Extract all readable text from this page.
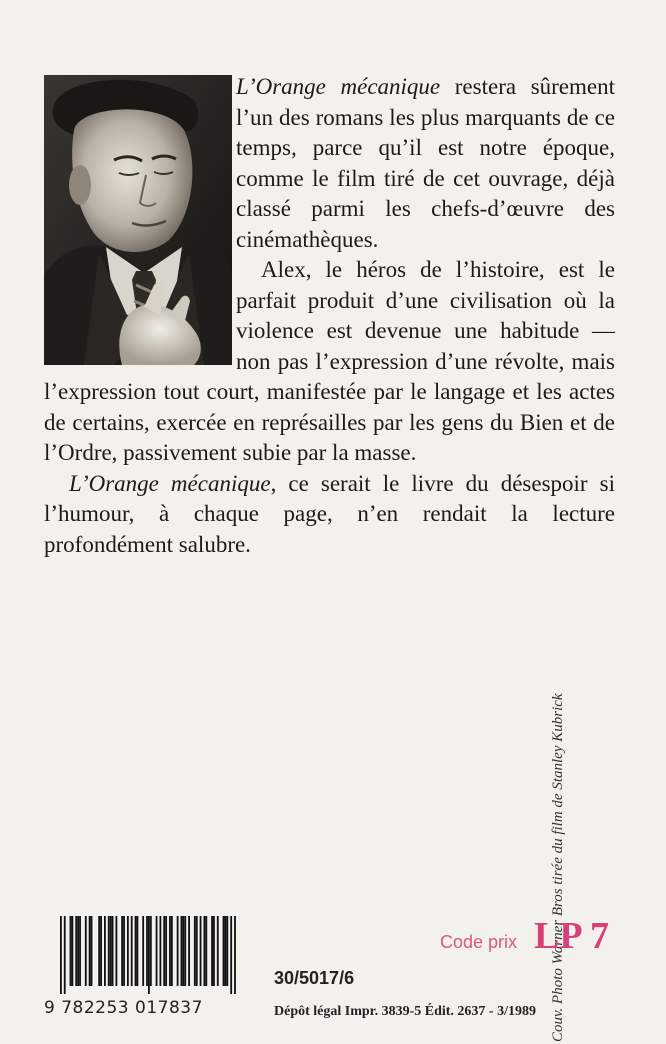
L’Orange mécanique restera sûrement l’un des romans les plus marquants de ce temps, parce qu’il est notre époque, comme le film tiré de cet ouvrage, déjà classé parmi les chefs-d’œuvre des cinémathèques.

Alex, le héros de l’histoire, est le parfait produit d’une civilisation où la violence est devenue une habitude — non pas l’expression d’une révolte, mais l’expression tout court, manifestée par le langage et les actes de certains, exercée en représailles par les gens du Bien et de l’Ordre, passivement subie par la masse.

L’Orange mécanique, ce serait le livre du désespoir si l’humour, à chaque page, n’en rendait la lecture profondément salubre.

Couv. Photo Warner Bros tirée du film de Stanley Kubrick
9 782253 017837
Code prix LP 7
30/5017/6
Dépôt légal Impr. 3839-5 Édit. 2637 - 3/1989
